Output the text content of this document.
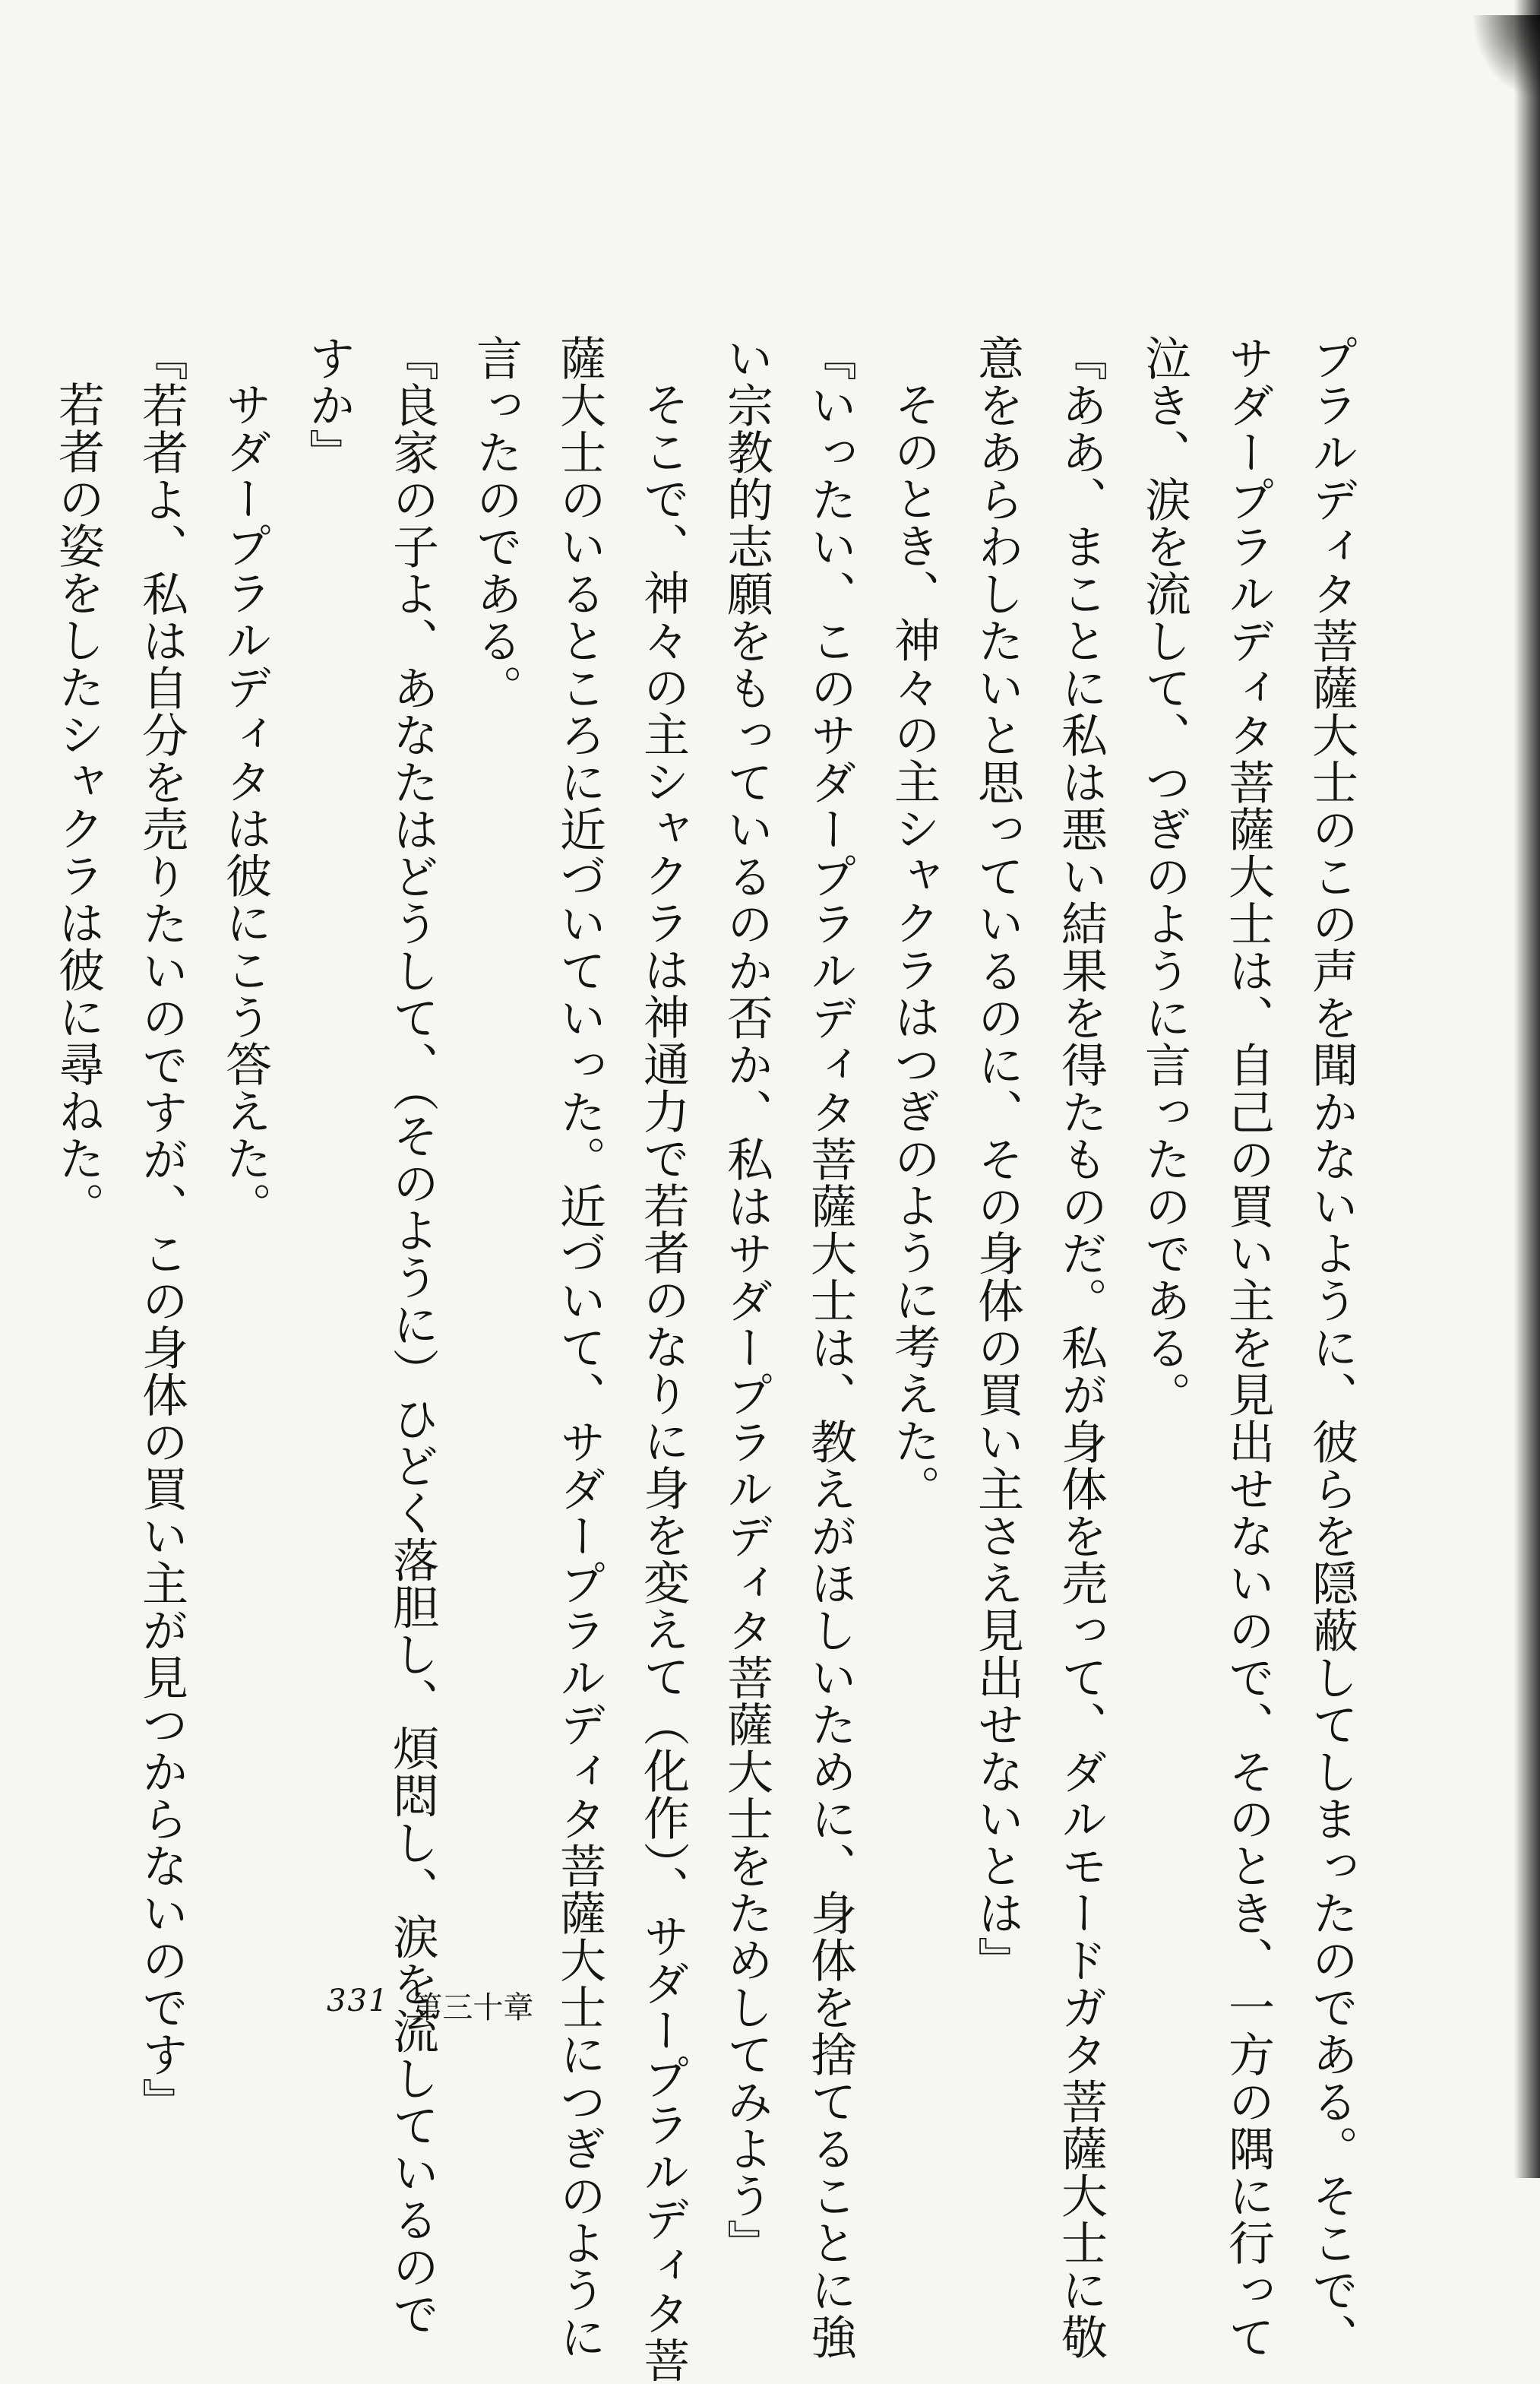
プラルディタ菩薩大士のこの声を聞かないように、彼らを隠蔽してしまったのである。そこで、
サダープラルディタ菩薩大士は、自己の買い主を見出せないので、そのとき、一方の隅に行って
泣き、涙を流して、つぎのように言ったのである。
『ああ、まことに私は悪い結果を得たものだ。私が身体を売って、ダルモードガタ菩薩大士に敬
意をあらわしたいと思っているのに、その身体の買い主さえ見出せないとは』
そのとき、神々の主シャクラはつぎのように考えた。
『いったい、このサダープラルディタ菩薩大士は、教えがほしいために、身体を捨てることに強
い宗教的志願をもっているのか否か、私はサダープラルディタ菩薩大士をためしてみよう』
そこで、神々の主シャクラは神通力で若者のなりに身を変えて（化作）、サダープラルディタ菩
薩大士のいるところに近づいていった。近づいて、サダープラルディタ菩薩大士につぎのように
言ったのである。
『良家の子よ、あなたはどうして、（そのように）ひどく落胆し、煩悶し、涙を流しているので
すか』
サダープラルディタは彼にこう答えた。
『若者よ、私は自分を売りたいのですが、この身体の買い主が見つからないのです』
若者の姿をしたシャクラは彼に尋ねた。
331 第三十章
